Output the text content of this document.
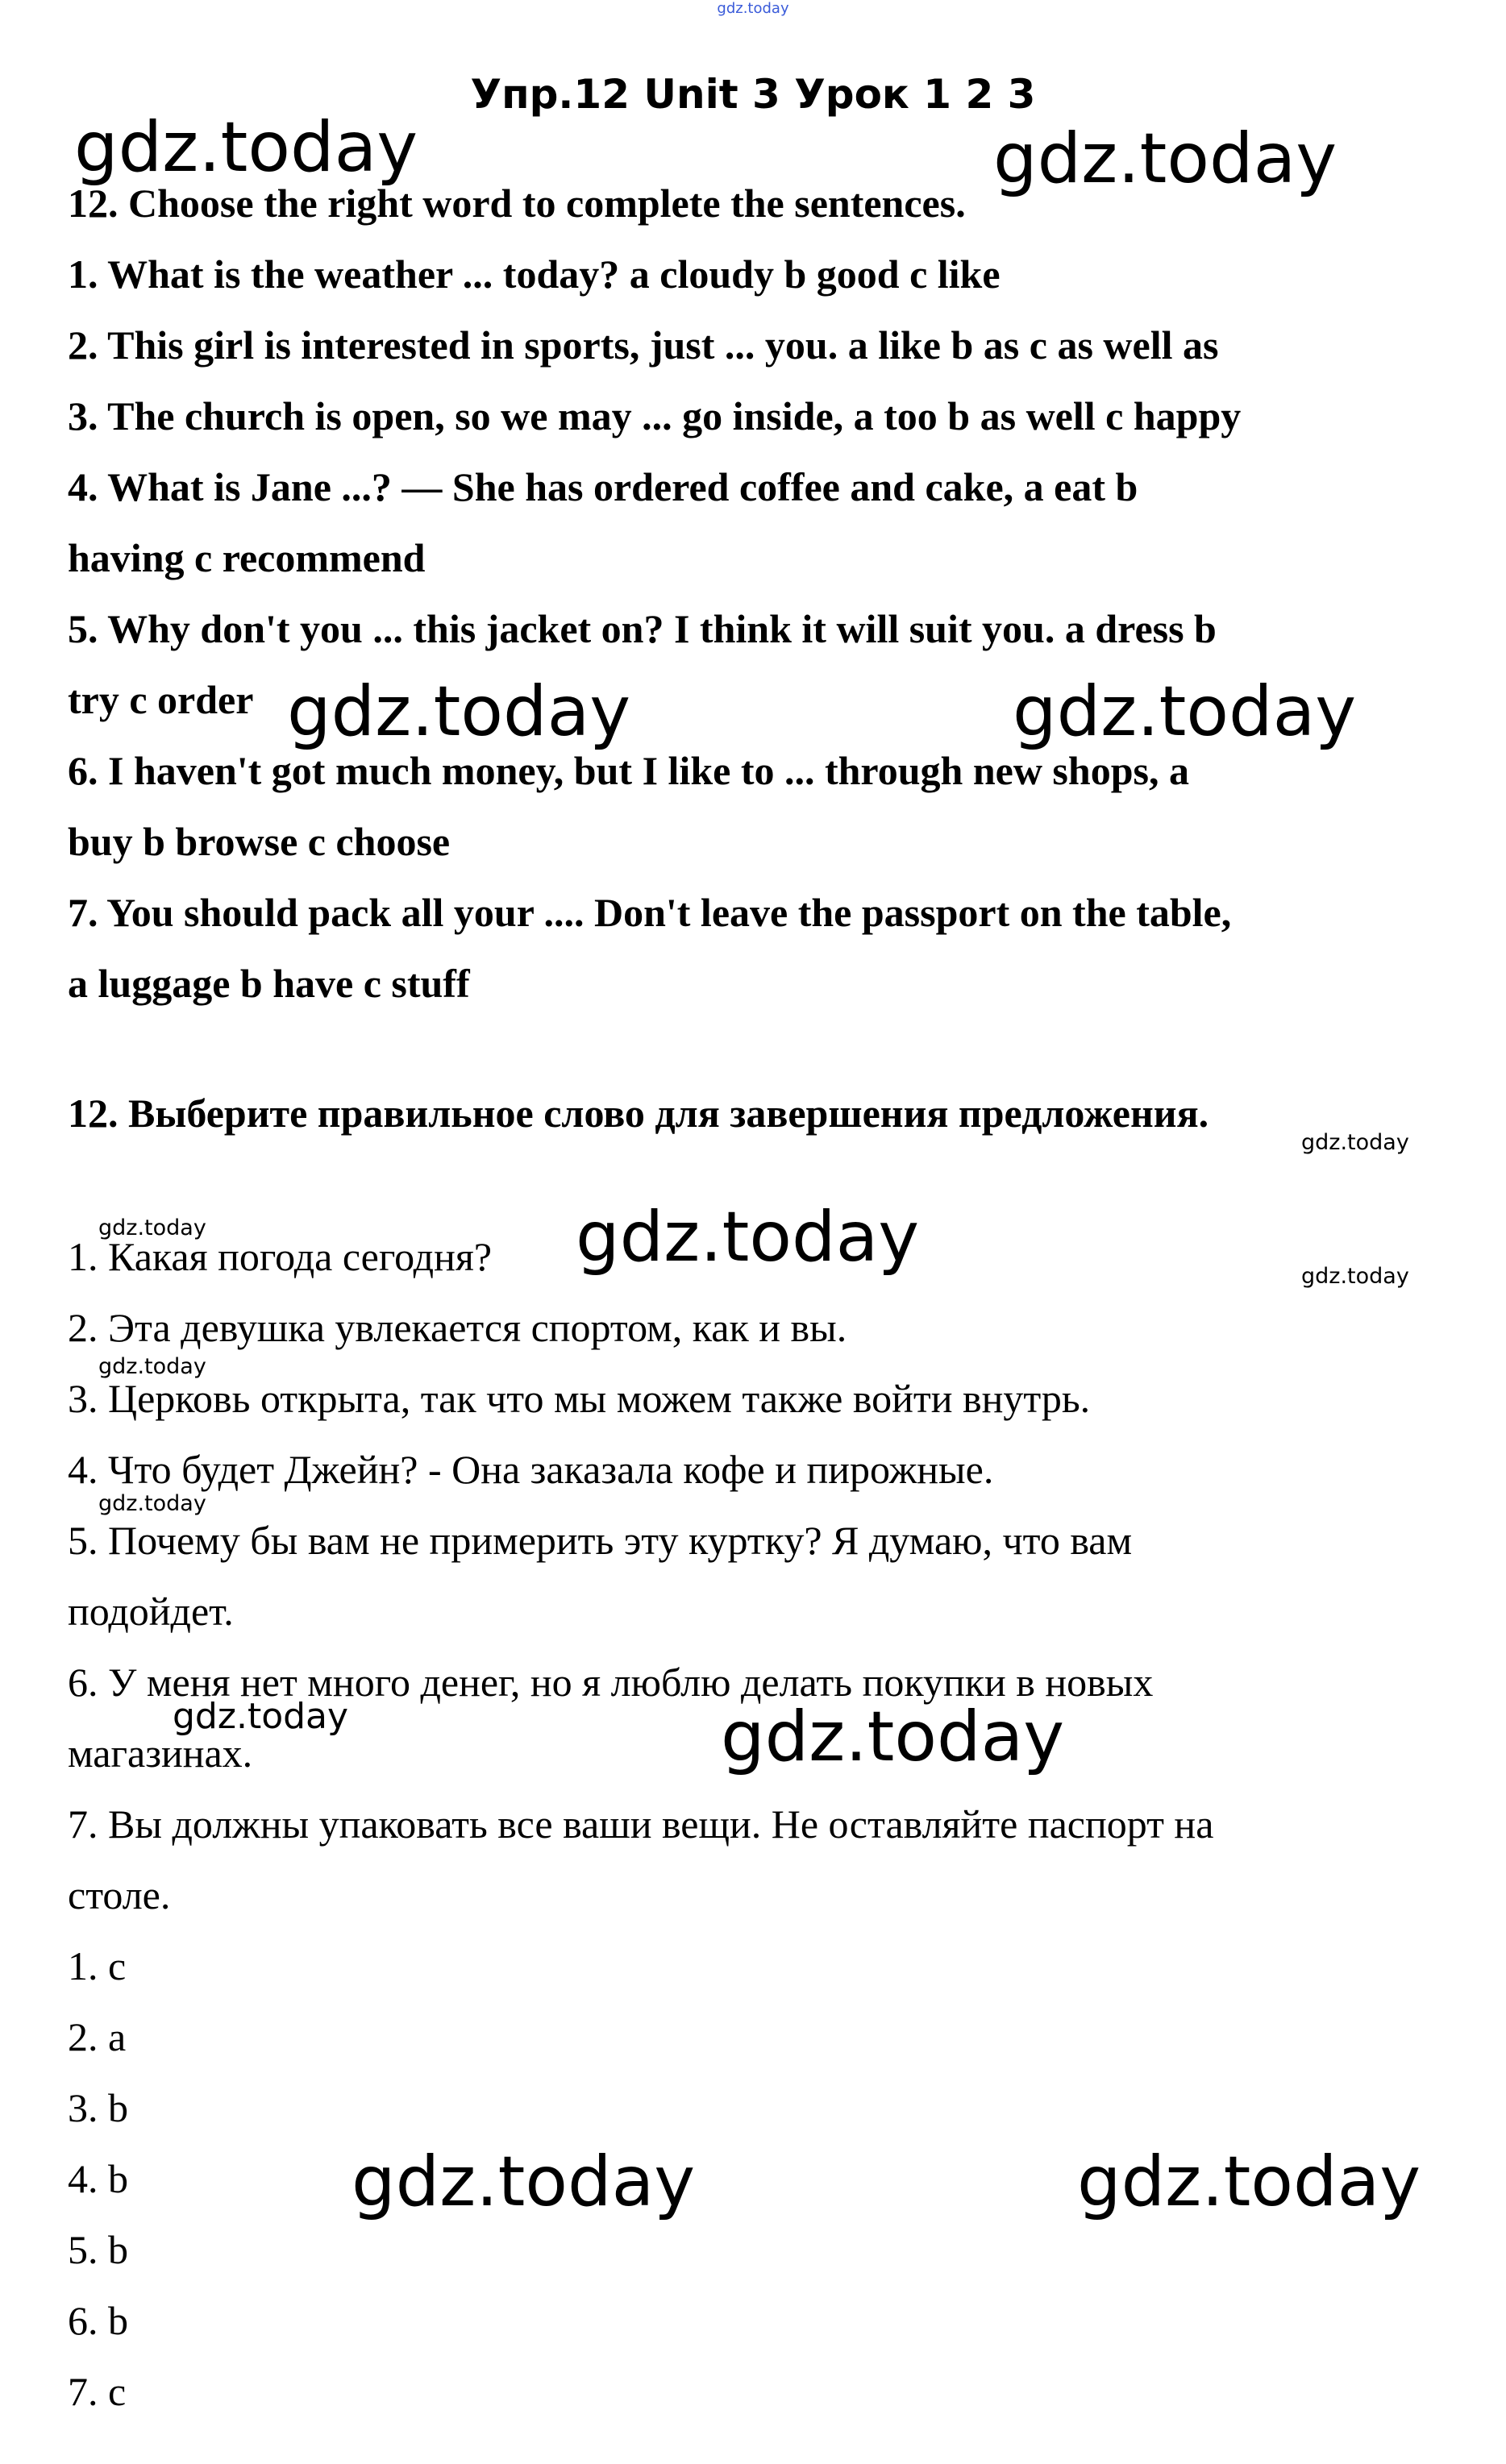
gdz.today
Упр.12 Unit 3 Урок 1 2 3
12. Choose the right word to complete the sentences.
1. What is the weather ... today? a cloudy b good c like
2. This girl is interested in sports, just ... you. a like b as c as well as
3. The church is open, so we may ... go inside, a too b as well c happy
4. What is Jane ...? — She has ordered coffee and cake, a eat b
having c recommend
5. Why don't you ... this jacket on? I think it will suit you. a dress b
try c order
6. I haven't got much money, but I like to ... through new shops, a
buy b browse c choose
7. You should pack all your .... Don't leave the passport on the table,
a luggage b have c stuff
12. Выберите правильное слово для завершения предложения.
1. Какая погода сегодня?
2. Эта девушка увлекается спортом, как и вы.
3. Церковь открыта, так что мы можем также войти внутрь.
4. Что будет Джейн? - Она заказала кофе и пирожные.
5. Почему бы вам не примерить эту куртку? Я думаю, что вам
подойдет.
6. У меня нет много денег, но я люблю делать покупки в новых
магазинах.
7. Вы должны упаковать все ваши вещи. Не оставляйте паспорт на
столе.
1. c
2. a
3. b
4. b
5. b
6. b
7. c
gdz.today	gdz.today
gdz.today	gdz.today
gdz.today
gdz.today	gdz.today	gdz.today
gdz.today
gdz.today
gdz.today	gdz.today
gdz.today	gdz.today
